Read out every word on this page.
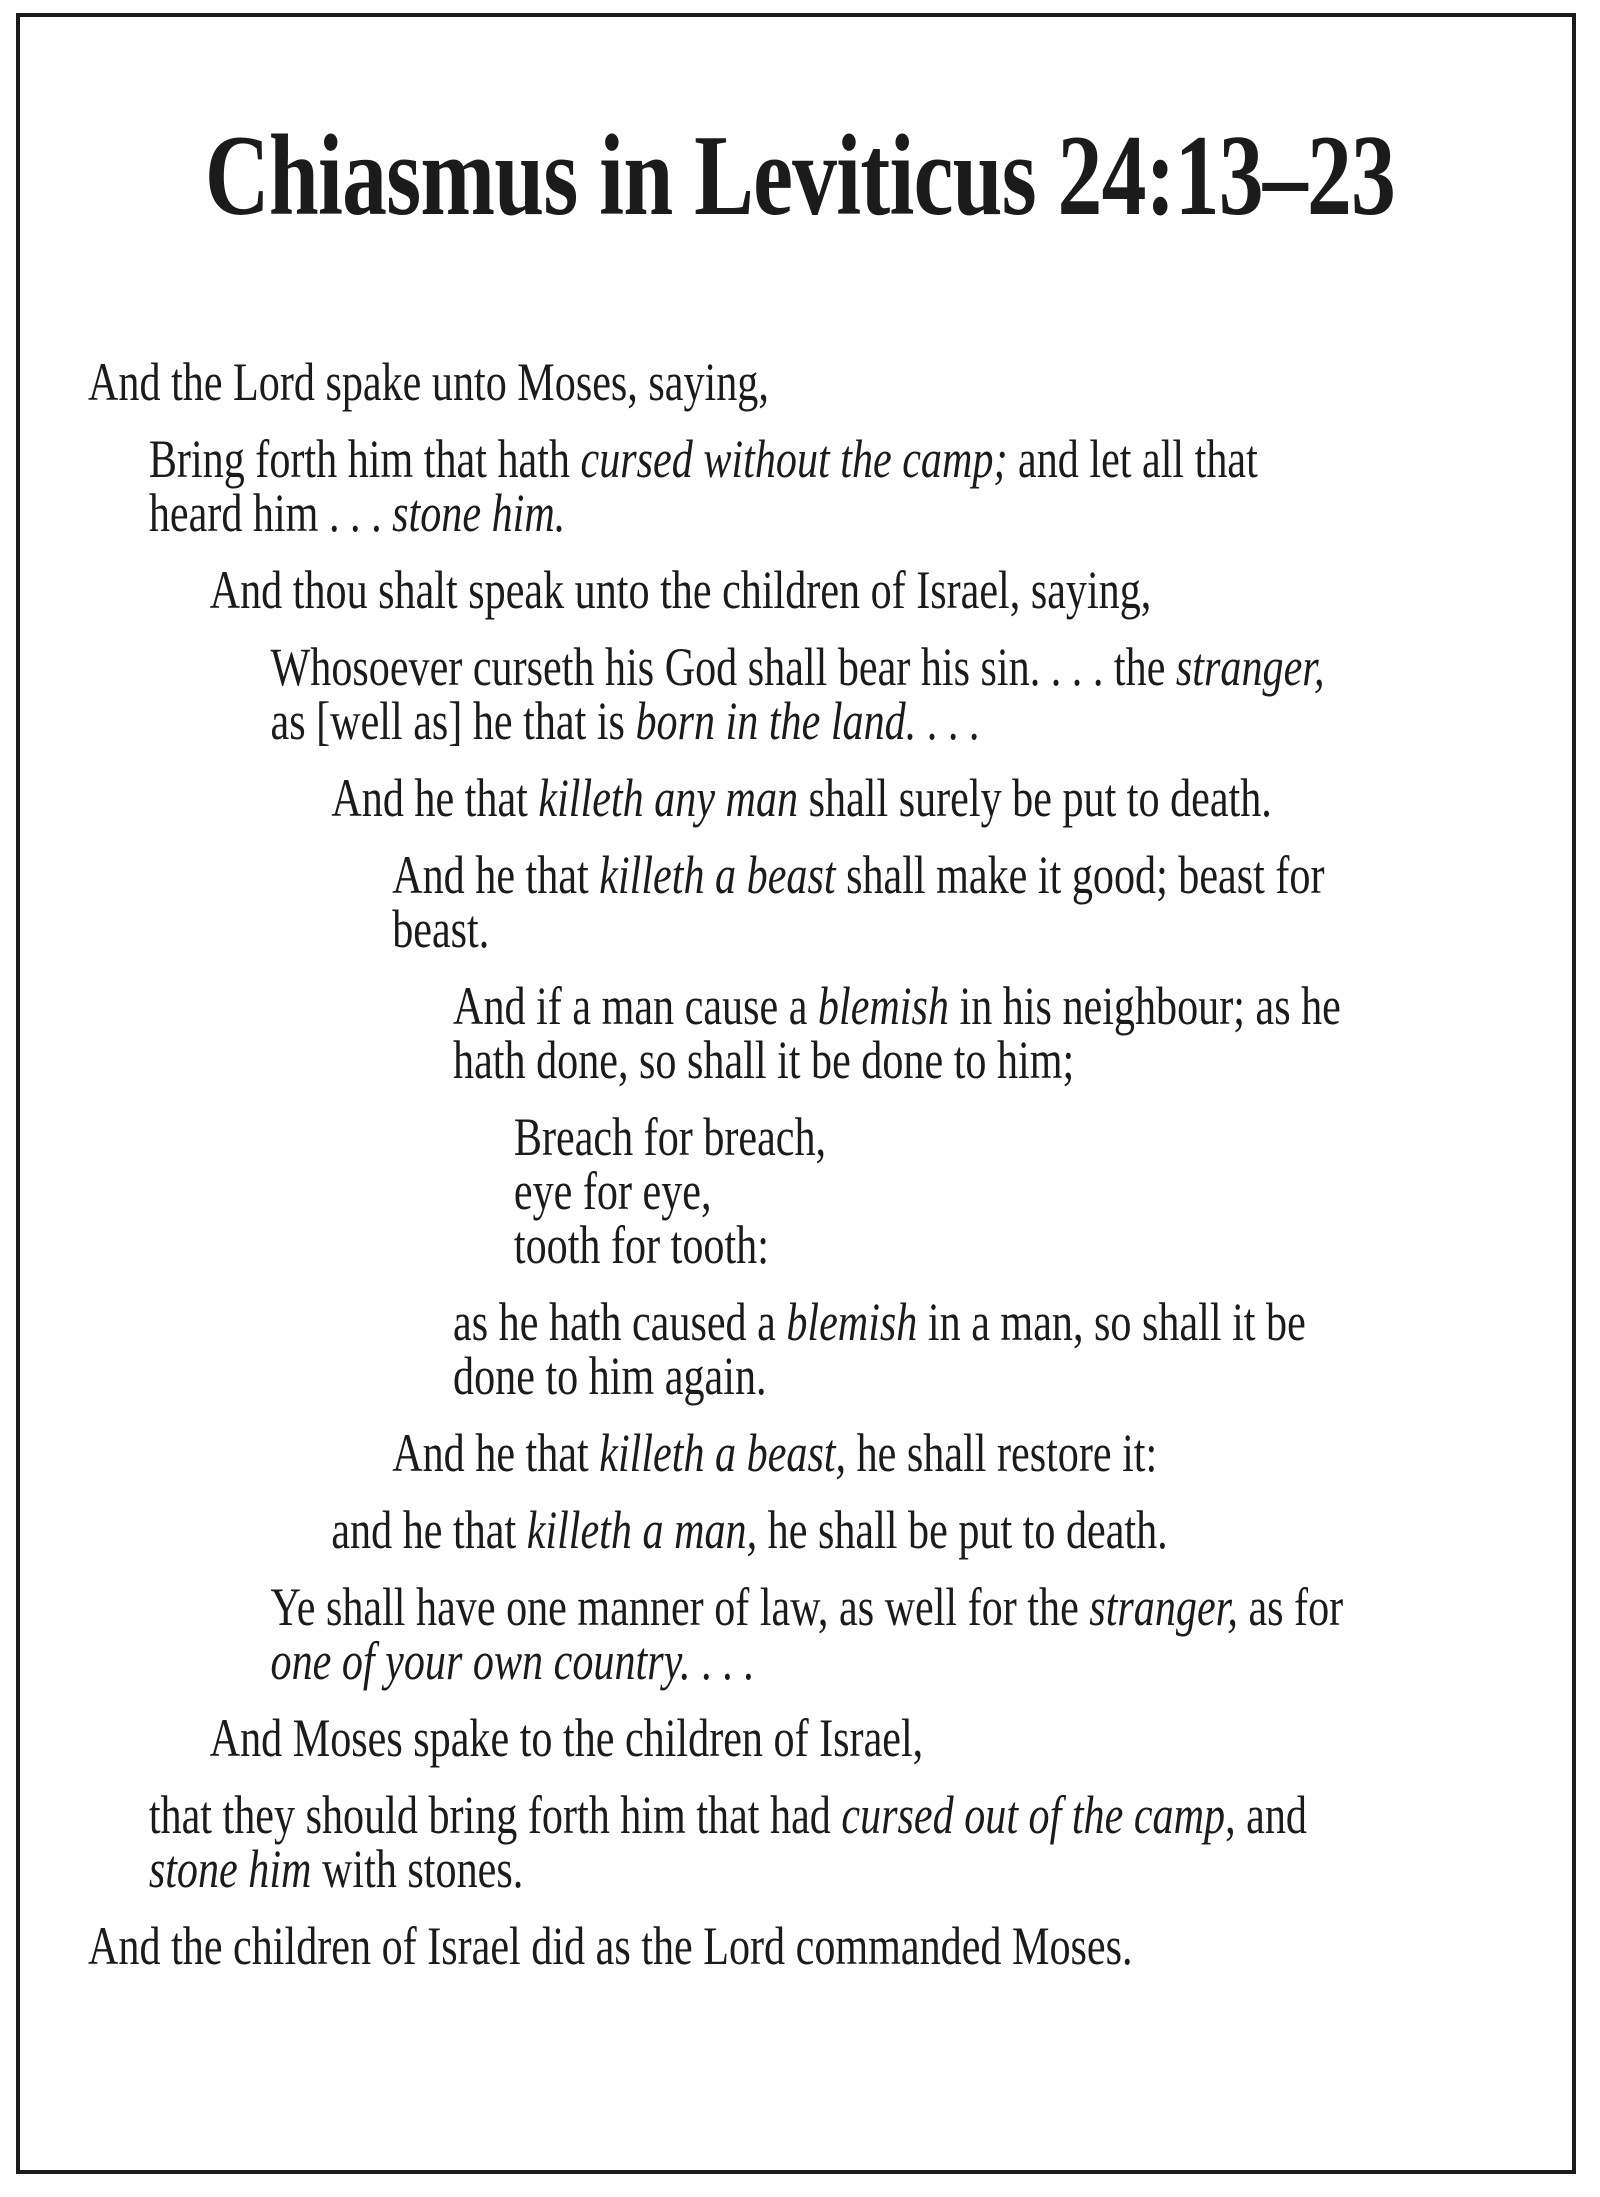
Chiasmus in Leviticus 24:13–23
And the Lord spake unto Moses, saying,
Bring forth him that hath cursed without the camp; and let all that
heard him . . . stone him.
And thou shalt speak unto the children of Israel, saying,
Whosoever curseth his God shall bear his sin. . . . the stranger,
as [well as] he that is born in the land. . . .
And he that killeth any man shall surely be put to death.
And he that killeth a beast shall make it good; beast for
beast.
And if a man cause a blemish in his neighbour; as he
hath done, so shall it be done to him;
Breach for breach,
eye for eye,
tooth for tooth:
as he hath caused a blemish in a man, so shall it be
done to him again.
And he that killeth a beast, he shall restore it:
and he that killeth a man, he shall be put to death.
Ye shall have one manner of law, as well for the stranger, as for
one of your own country. . . .
And Moses spake to the children of Israel,
that they should bring forth him that had cursed out of the camp, and
stone him with stones.
And the children of Israel did as the Lord commanded Moses.
